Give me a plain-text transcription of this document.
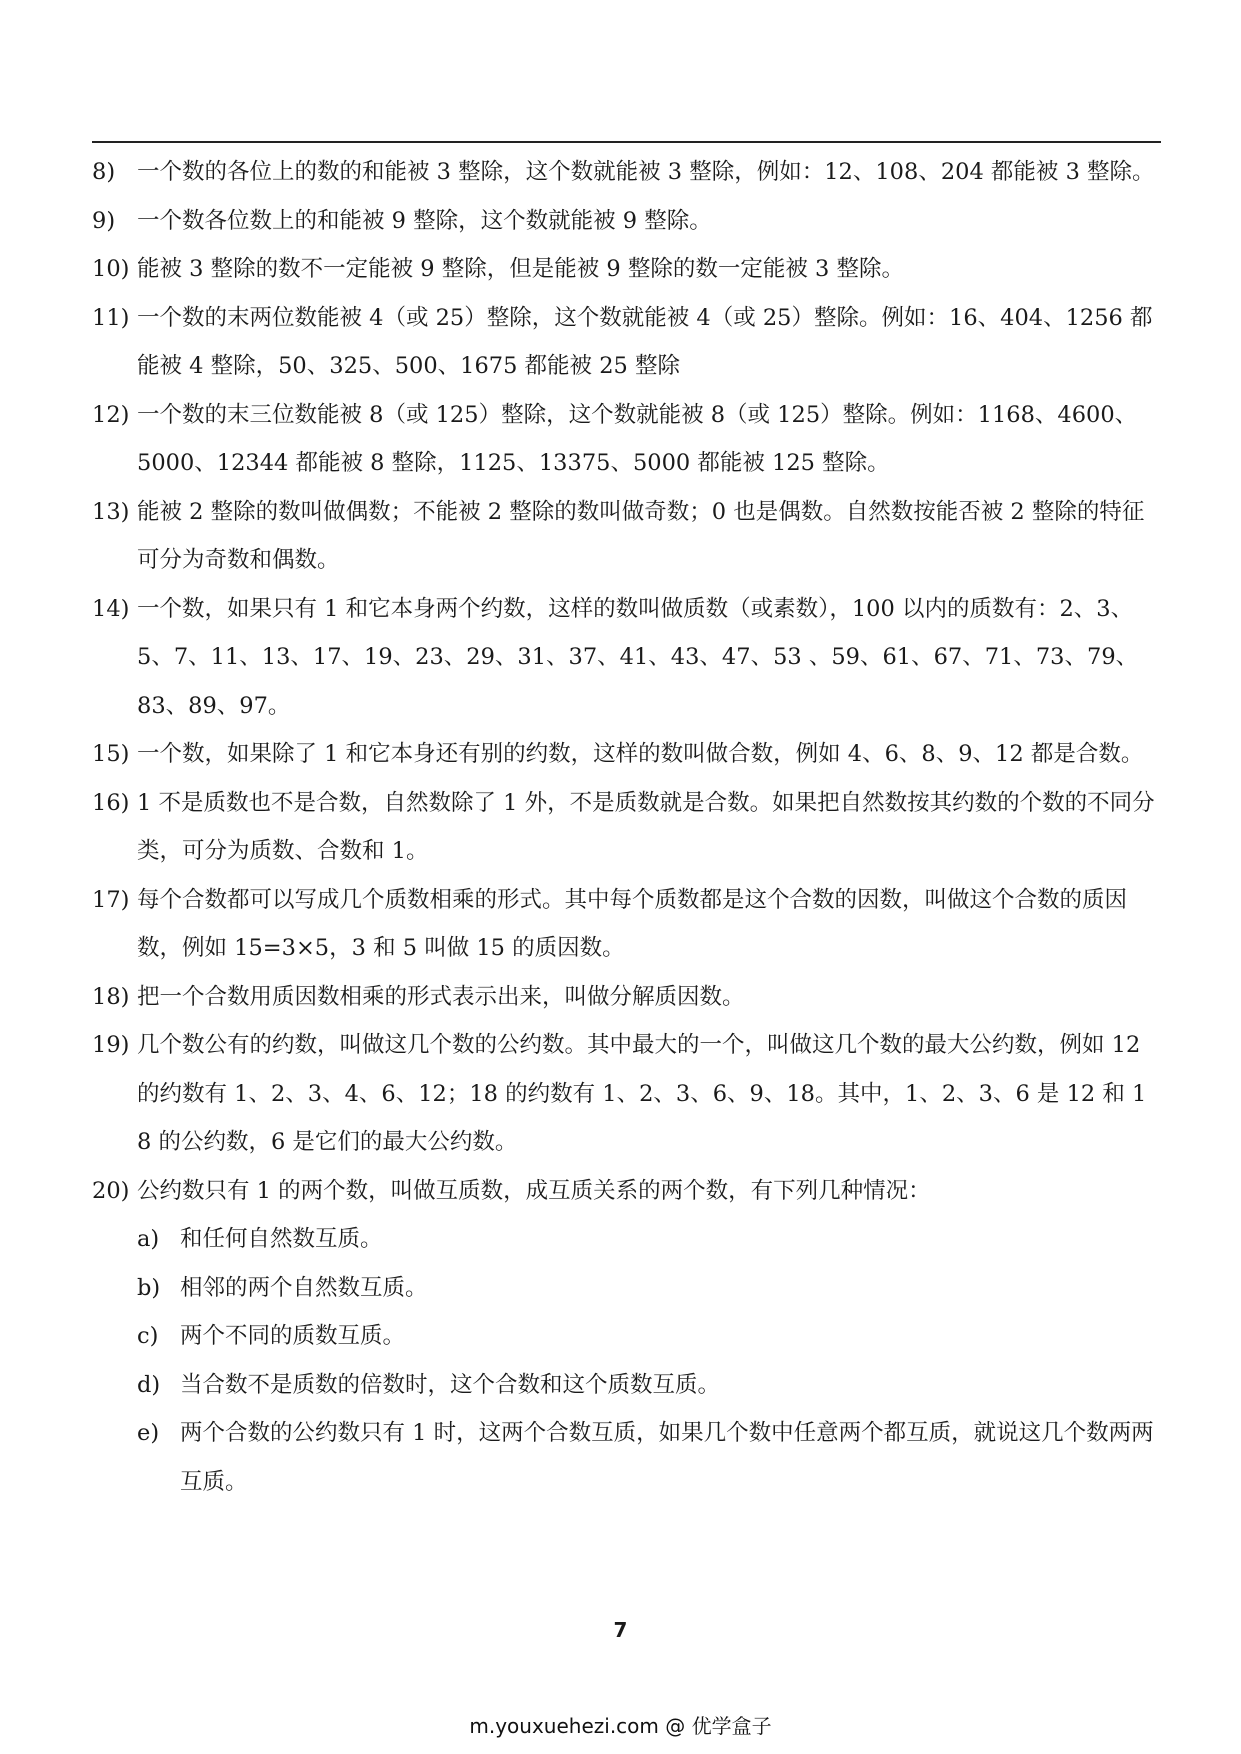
8) 一个数的各位上的数的和能被 3 整除，这个数就能被 3 整除，例如：12、108、204 都能被 3 整除。
9) 一个数各位数上的和能被 9 整除，这个数就能被 9 整除。
10) 能被 3 整除的数不一定能被 9 整除，但是能被 9 整除的数一定能被 3 整除。
11) 一个数的末两位数能被 4（或 25）整除，这个数就能被 4（或 25）整除。例如：16、404、1256 都能被 4 整除，50、325、500、1675 都能被 25 整除
12) 一个数的末三位数能被 8（或 125）整除，这个数就能被 8（或 125）整除。例如：1168、4600、5000、12344 都能被 8 整除，1125、13375、5000 都能被 125 整除。
13) 能被 2 整除的数叫做偶数；不能被 2 整除的数叫做奇数；0 也是偶数。自然数按能否被 2 整除的特征可分为奇数和偶数。
14) 一个数，如果只有 1 和它本身两个约数，这样的数叫做质数（或素数），100 以内的质数有：2、3、5、7、11、13、17、19、23、29、31、37、41、43、47、53 、59、61、67、71、73、79、83、89、97。
15) 一个数，如果除了 1 和它本身还有别的约数，这样的数叫做合数，例如 4、6、8、9、12 都是合数。
16) 1 不是质数也不是合数，自然数除了 1 外，不是质数就是合数。如果把自然数按其约数的个数的不同分类，可分为质数、合数和 1。
17) 每个合数都可以写成几个质数相乘的形式。其中每个质数都是这个合数的因数，叫做这个合数的质因数，例如 15=3×5，3 和 5 叫做 15 的质因数。
18) 把一个合数用质因数相乘的形式表示出来，叫做分解质因数。
19) 几个数公有的约数，叫做这几个数的公约数。其中最大的一个，叫做这几个数的最大公约数，例如 12 的约数有 1、2、3、4、6、12；18 的约数有 1、2、3、6、9、18。其中，1、2、3、6 是 12 和 1 8 的公约数，6 是它们的最大公约数。
20) 公约数只有 1 的两个数，叫做互质数，成互质关系的两个数，有下列几种情况：
a) 和任何自然数互质。
b) 相邻的两个自然数互质。
c) 两个不同的质数互质。
d) 当合数不是质数的倍数时，这个合数和这个质数互质。
e) 两个合数的公约数只有 1 时，这两个合数互质，如果几个数中任意两个都互质，就说这几个数两两互质。
7
m.youxuehezi.com @ 优学盒子
